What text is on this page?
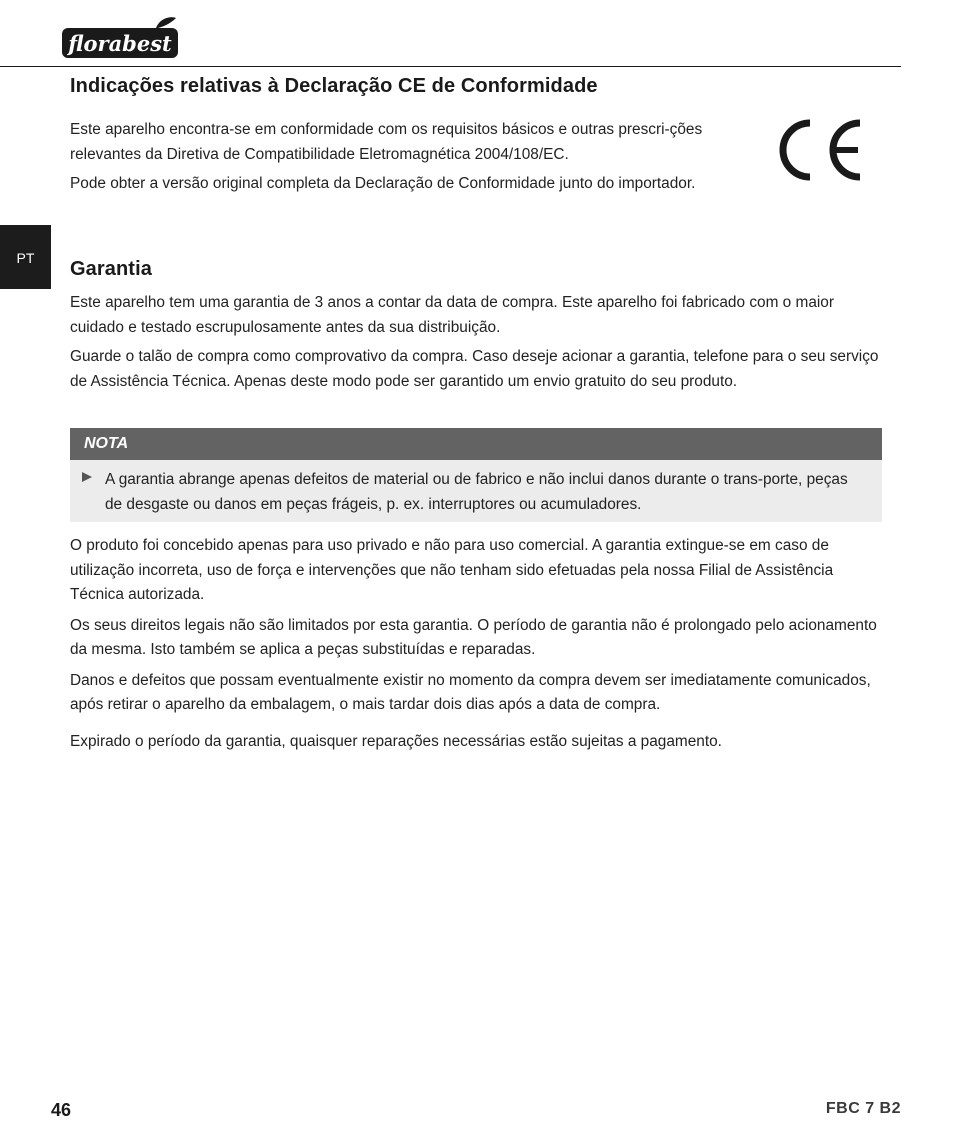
florabest
PT
Indicações relativas à Declaração CE de Conformidade

Este aparelho encontra-se em conformidade com os requisitos básicos e outras prescri-ções relevantes da Diretiva de Compatibilidade Eletromagnética 2004/108/EC.

Pode obter a versão original completa da Declaração de Conformidade junto do importador.

Garantia

Este aparelho tem uma garantia de 3 anos a contar da data de compra. Este aparelho foi fabricado com o maior cuidado e testado escrupulosamente antes da sua distribuição.

Guarde o talão de compra como comprovativo da compra. Caso deseje acionar a garantia, telefone para o seu serviço de Assistência Técnica. Apenas deste modo pode ser garantido um envio gratuito do seu produto.

NOTA

A garantia abrange apenas defeitos de material ou de fabrico e não inclui danos durante o trans-porte, peças de desgaste ou danos em peças frágeis, p. ex. interruptores ou acumuladores.

O produto foi concebido apenas para uso privado e não para uso comercial. A garantia extingue-se em caso de utilização incorreta, uso de força e intervenções que não tenham sido efetuadas pela nossa Filial de Assistência Técnica autorizada.

Os seus direitos legais não são limitados por esta garantia. O período de garantia não é prolongado pelo acionamento da mesma. Isto também se aplica a peças substituídas e reparadas.

Danos e defeitos que possam eventualmente existir no momento da compra devem ser imediatamente comunicados, após retirar o aparelho da embalagem, o mais tardar dois dias após a data de compra.

Expirado o período da garantia, quaisquer reparações necessárias estão sujeitas a pagamento.

46	FBC 7 B2
